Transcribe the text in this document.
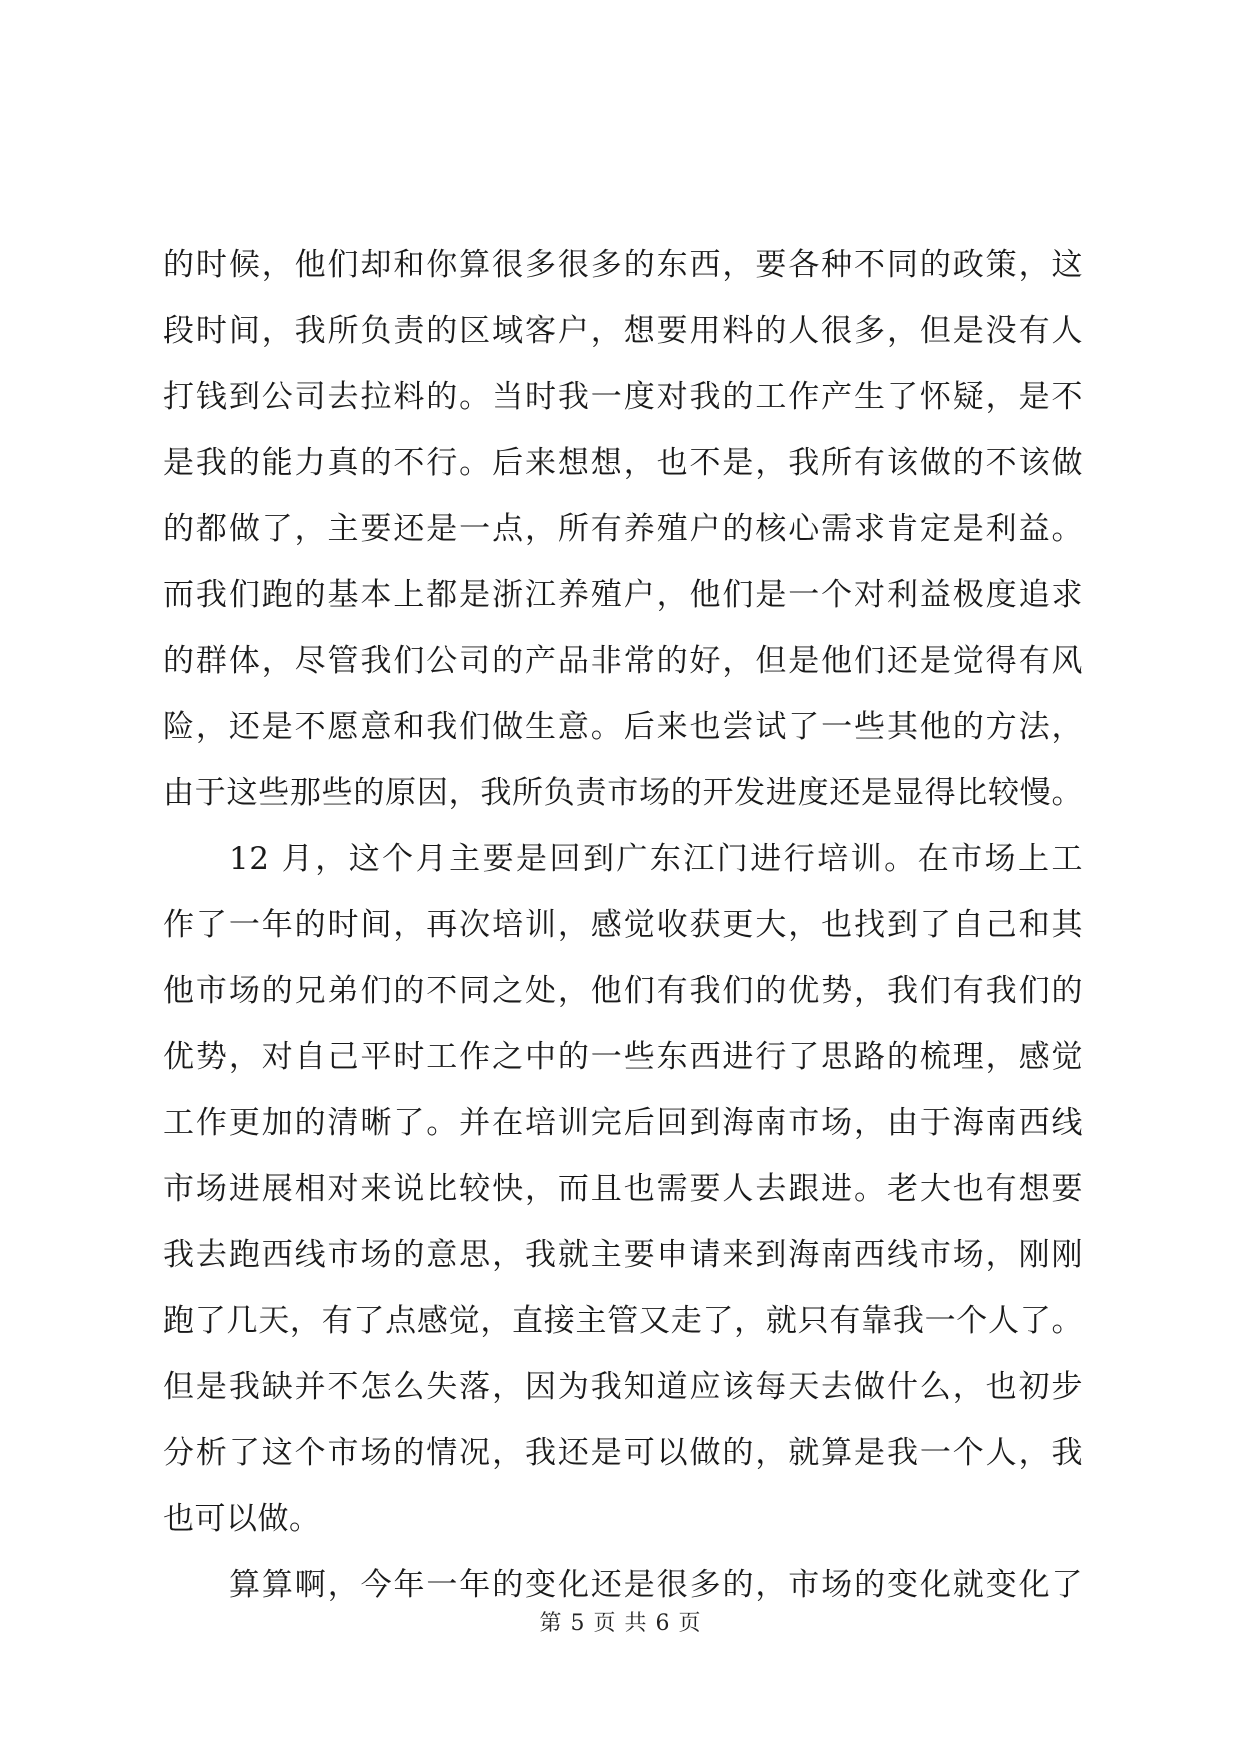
的时候，他们却和你算很多很多的东西，要各种不同的政策，这
段时间，我所负责的区域客户，想要用料的人很多，但是没有人
打钱到公司去拉料的。当时我一度对我的工作产生了怀疑，是不
是我的能力真的不行。后来想想，也不是，我所有该做的不该做
的都做了，主要还是一点，所有养殖户的核心需求肯定是利益。
而我们跑的基本上都是浙江养殖户，他们是一个对利益极度追求
的群体，尽管我们公司的产品非常的好，但是他们还是觉得有风
险，还是不愿意和我们做生意。后来也尝试了一些其他的方法，
由于这些那些的原因，我所负责市场的开发进度还是显得比较慢。
12 月，这个月主要是回到广东江门进行培训。在市场上工
作了一年的时间，再次培训，感觉收获更大，也找到了自己和其
他市场的兄弟们的不同之处，他们有我们的优势，我们有我们的
优势，对自己平时工作之中的一些东西进行了思路的梳理，感觉
工作更加的清晰了。并在培训完后回到海南市场，由于海南西线
市场进展相对来说比较快，而且也需要人去跟进。老大也有想要
我去跑西线市场的意思，我就主要申请来到海南西线市场，刚刚
跑了几天，有了点感觉，直接主管又走了，就只有靠我一个人了。
但是我缺并不怎么失落，因为我知道应该每天去做什么，也初步
分析了这个市场的情况，我还是可以做的，就算是我一个人，我
也可以做。
算算啊，今年一年的变化还是很多的，市场的变化就变化了
第 5 页 共 6 页
